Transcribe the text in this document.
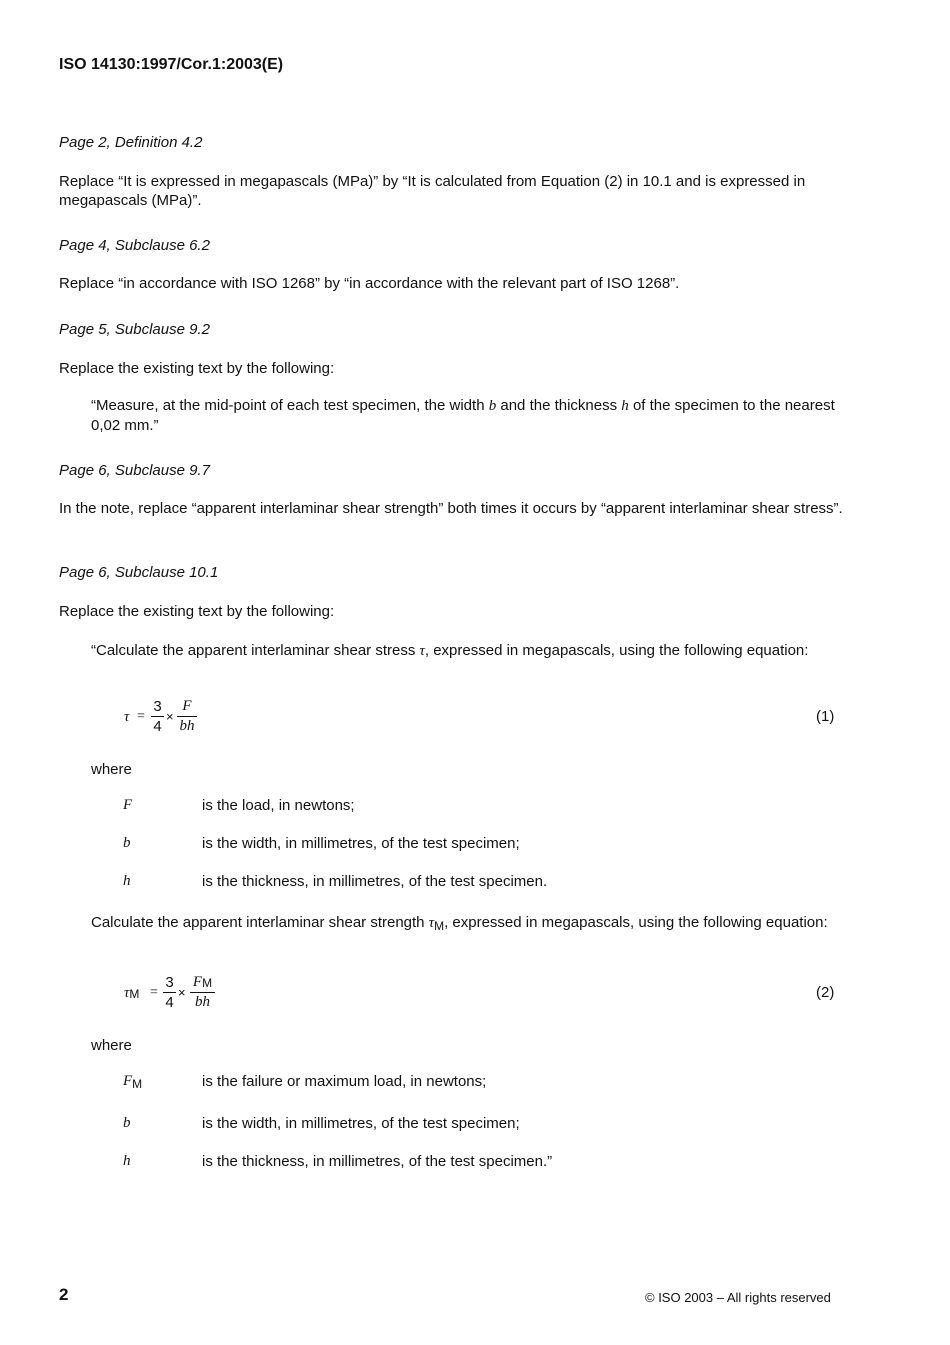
ISO 14130:1997/Cor.1:2003(E)
Page 2, Definition 4.2
Replace “It is expressed in megapascals (MPa)” by “It is calculated from Equation (2) in 10.1 and is expressed in megapascals (MPa)”.
Page 4, Subclause 6.2
Replace “in accordance with ISO 1268” by “in accordance with the relevant part of ISO 1268”.
Page 5, Subclause 9.2
Replace the existing text by the following:
“Measure, at the mid-point of each test specimen, the width b and the thickness h of the specimen to the nearest 0,02 mm.”
Page 6, Subclause 9.7
In the note, replace “apparent interlaminar shear strength” both times it occurs by “apparent interlaminar shear stress”.
Page 6, Subclause 10.1
Replace the existing text by the following:
“Calculate the apparent interlaminar shear stress τ, expressed in megapascals, using the following equation:
τ =
3
4
×
F
bh
(1)
where
F	is the load, in newtons;
b	is the width, in millimetres, of the test specimen;
h	is the thickness, in millimetres, of the test specimen.
Calculate the apparent interlaminar shear strength $\tau_M$, expressed in megapascals, using the following equation:
τM =
3
4
×
FM
bh
(2)
where
$F_M$	is the failure or maximum load, in newtons;
b	is the width, in millimetres, of the test specimen;
h	is the thickness, in millimetres, of the test specimen.”
2	© ISO 2003 – All rights reserved
